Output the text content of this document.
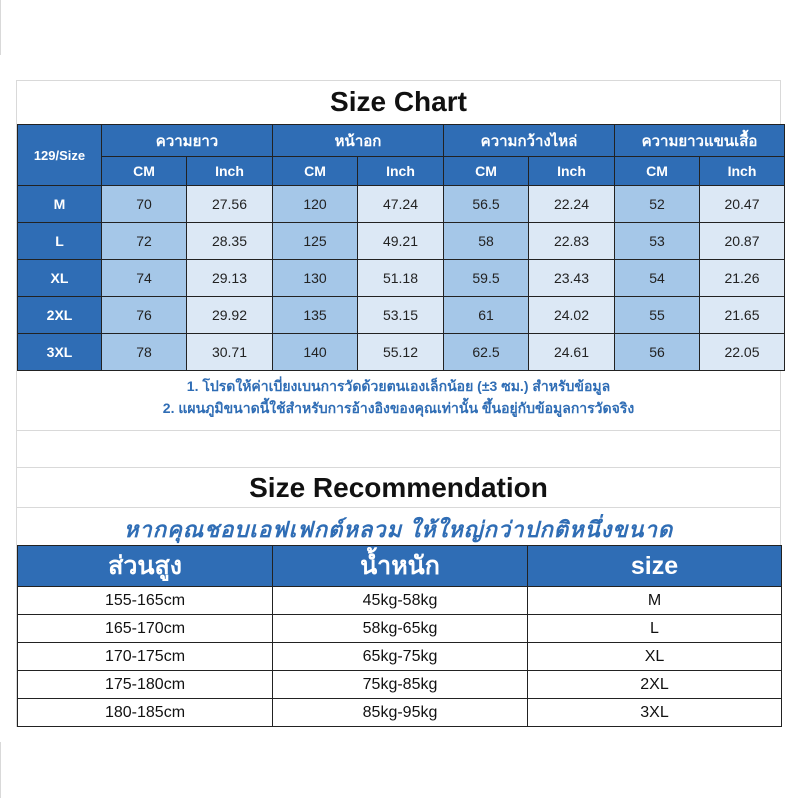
Size Chart
129/Size	ความยาว		หน้าอก		ความกว้างไหล่		ความยาวแขนเสื้อ	
	CM	Inch	CM	Inch	CM	Inch	CM	Inch
M	70	27.56	120	47.24	56.5	22.24	52	20.47
L	72	28.35	125	49.21	58	22.83	53	20.87
XL	74	29.13	130	51.18	59.5	23.43	54	21.26
2XL	76	29.92	135	53.15	61	24.02	55	21.65
3XL	78	30.71	140	55.12	62.5	24.61	56	22.05
1. โปรดให้ค่าเบี่ยงเบนการวัดด้วยตนเองเล็กน้อย (±3 ซม.) สำหรับข้อมูล
2. แผนภูมิขนาดนี้ใช้สำหรับการอ้างอิงของคุณเท่านั้น ขึ้นอยู่กับข้อมูลการวัดจริง
Size Recommendation
หากคุณชอบเอฟเฟกต์หลวม ให้ใหญ่กว่าปกติหนึ่งขนาด
ส่วนสูง	น้ำหนัก	size
155-165cm	45kg-58kg	M
165-170cm	58kg-65kg	L
170-175cm	65kg-75kg	XL
175-180cm	75kg-85kg	2XL
180-185cm	85kg-95kg	3XL
